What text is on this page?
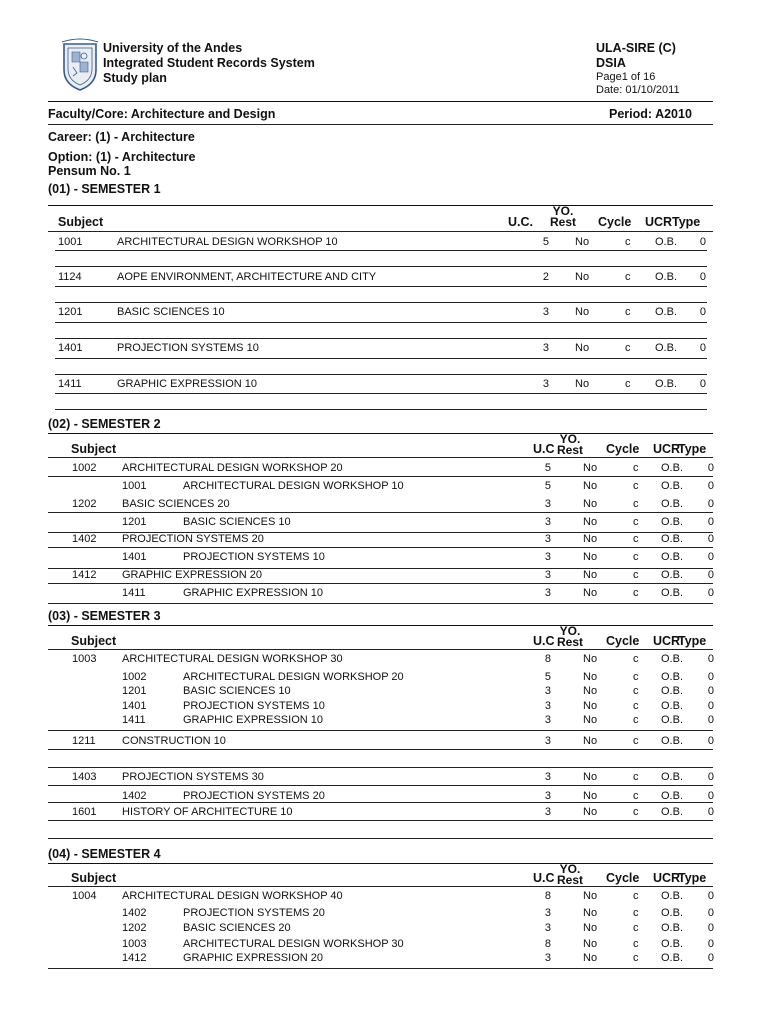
University of the Andes
Integrated Student Records System
Study plan
ULA-SIRE (C)
DSIA
Page1 of 16
Date: 01/10/2011
Faculty/Core: Architecture and Design	Period: A2010
Career: (1) - Architecture
Option: (1) - Architecture
Pensum No. 1
(01) - SEMESTER 1
Subject	U.C.
YO.
Rest Cycle UCR Type
1001	ARCHITECTURAL DESIGN WORKSHOP 10	5 No	c O.B. 0
1124	AOPE ENVIRONMENT, ARCHITECTURE AND CITY	2 No	c O.B. 0
1201	BASIC SCIENCES 10	3 No	c O.B. 0
1401	PROJECTION SYSTEMS 10	3 No	c O.B. 0
1411	GRAPHIC EXPRESSION 10	3 No	c O.B. 0
(02) - SEMESTER 2
Subject	U.C
YO.
Rest Cycle UCR
Type
1002 ARCHITECTURAL DESIGN WORKSHOP 20	5	No	c O.B. 0
1001	ARCHITECTURAL DESIGN WORKSHOP 10	5	No	c O.B. 0
1202 BASIC SCIENCES 20	3	No	c O.B. 0
1201	BASIC SCIENCES 10	3	No	c O.B. 0
1402 PROJECTION SYSTEMS 20	3	No	c O.B. 0
1401	PROJECTION SYSTEMS 10	3	No	c O.B. 0
1412 GRAPHIC EXPRESSION 20	3	No	c O.B. 0
1411	GRAPHIC EXPRESSION 10	3	No	c O.B. 0
(03) - SEMESTER 3
Subject	U.C
YO.
Rest Cycle UCR
Type
1003 ARCHITECTURAL DESIGN WORKSHOP 30	8	No	c O.B. 0
1002	ARCHITECTURAL DESIGN WORKSHOP 20	5	No	c O.B. 0
1201	BASIC SCIENCES 10	3	No	c O.B. 0
1401	PROJECTION SYSTEMS 10	3	No	c O.B. 0
1411	GRAPHIC EXPRESSION 10	3	No	c O.B. 0
1211 CONSTRUCTION 10	3	No	c O.B. 0
1403 PROJECTION SYSTEMS 30	3	No	c O.B. 0
1402	PROJECTION SYSTEMS 20	3	No	c O.B. 0
1601 HISTORY OF ARCHITECTURE 10	3	No	c O.B. 0
(04) - SEMESTER 4
Subject	U.C
YO.
Rest Cycle UCR
Type
1004 ARCHITECTURAL DESIGN WORKSHOP 40	8	No	c O.B. 0
1402	PROJECTION SYSTEMS 20	3	No	c O.B. 0
1202	BASIC SCIENCES 20	3	No	c O.B. 0
1003	ARCHITECTURAL DESIGN WORKSHOP 30	8	No	c O.B. 0
1412	GRAPHIC EXPRESSION 20	3	No	c O.B. 0
